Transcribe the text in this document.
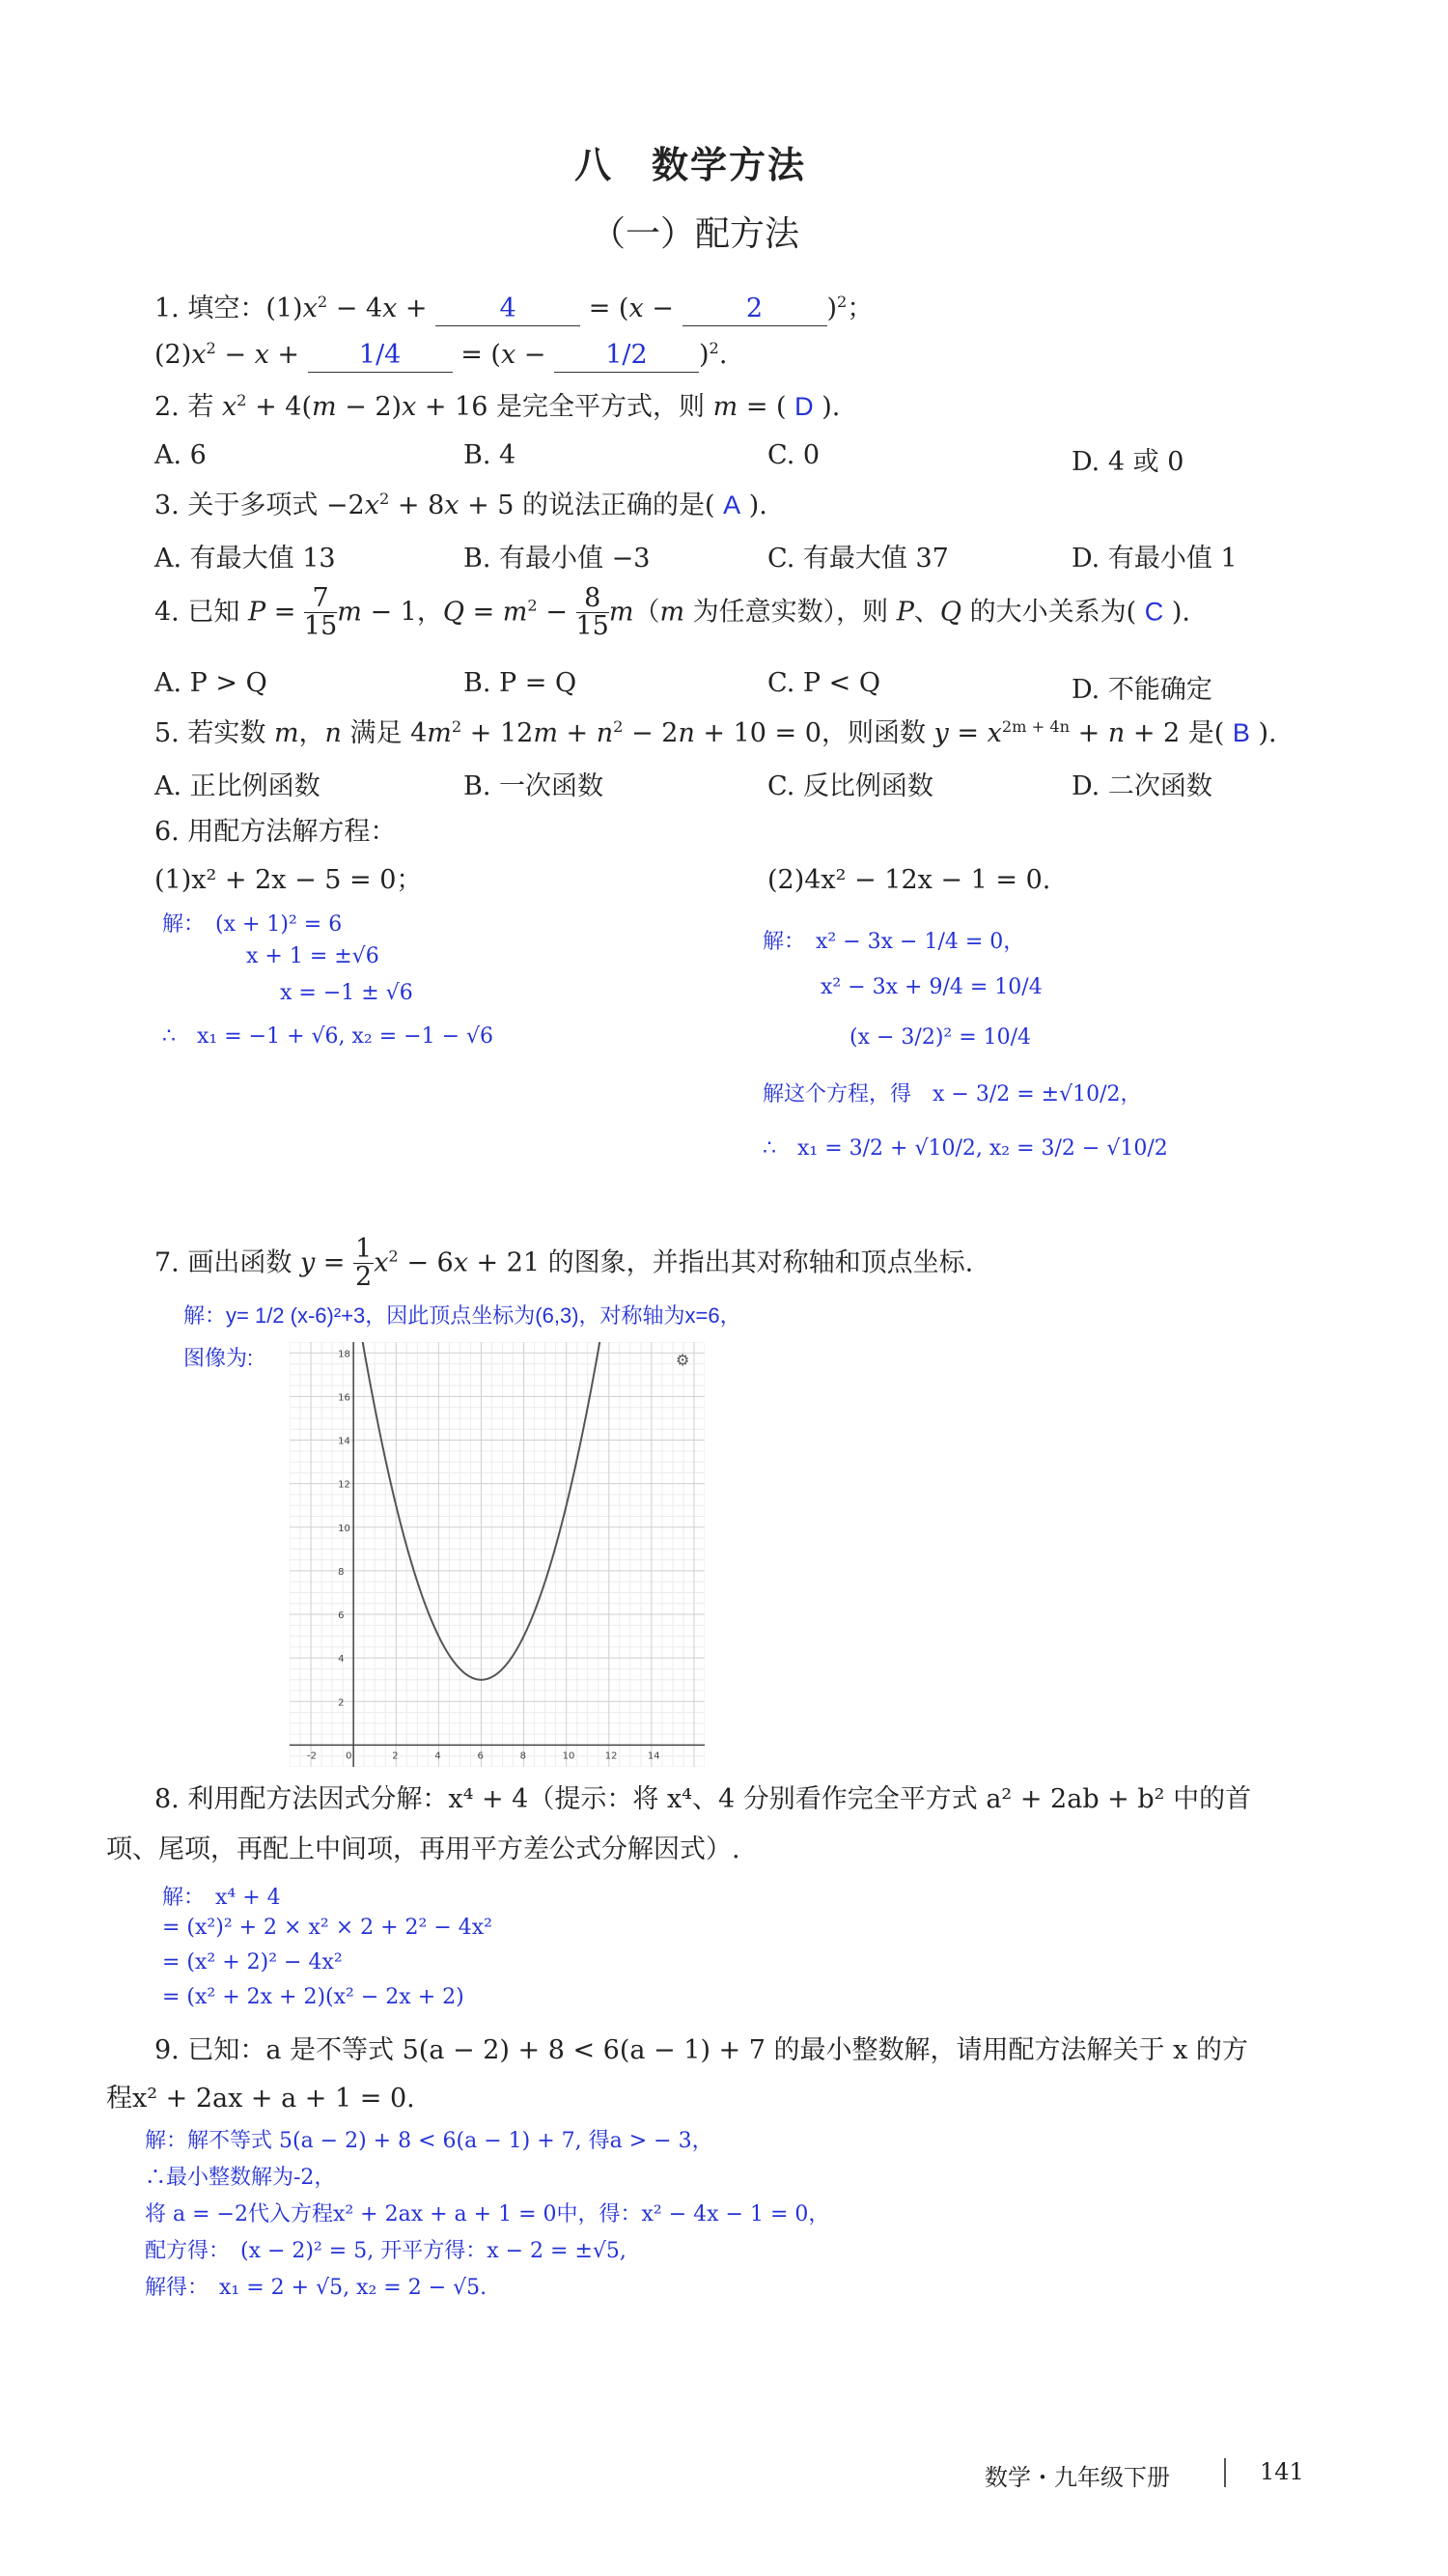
八　数学方法
（一）配方法
1. 填空：$(1)x^2 - 4x + 4 = (x - 2$ )$^2$；
$(2)x^2 - x + 1/4 = (x - 1/2$ )$^2$.
2. 若 $x^2 + 4(m - 2)x + 16$ 是完全平方式，则 m = ( D ).
A. 6	B. 4	C. 0	D. 4 或 0
3. 关于多项式 $-2x^2 + 8x + 5$ 的说法正确的是( A ).
A. 有最大值 13	B. 有最小值 −3	C. 有最大值 37	D. 有最小值 1
4. 已知 $P = \frac{7}{15}$ m − 1，$Q = m^2 - \frac{8}{15} m(m$ 为任意实数），则 P、Q 的大小关系为( C ).
A. P > Q	B. P = Q	C. P < Q	D. 不能确定
5. 若实数 m，n 满足 $4m^2 + 12m + n^2 - 2n + 10 = 0$，则函数 $y = x^{2m + 4n} + n + 2$ 是( B ).
A. 正比例函数	B. 一次函数	C. 反比例函数	D. 二次函数
6. 用配方法解方程：
(1)x² + 2x − 5 = 0；	(2)4x² − 12x − 1 = 0.
解：　(x + 1)² = 6
x + 1 = ±√6
x = −1 ± √6
∴　x₁ = −1 + √6, x₂ = −1 − √6
解：　x² − 3x − 1/4 = 0，
x² − 3x + 9/4 = 10/4
(x − 3/2)² = 10/4
解这个方程，得　x − 3/2 = ±√10/2，
∴　x₁ = 3/2 + √10/2, x₂ = 3/2 − √10/2
7. 画出函数 $y = \frac{1}{2} x^2 - 6x + 21$ 的图象，并指出其对称轴和顶点坐标.
解：y= 1/2 (x-6)²+3，因此顶点坐标为(6,3)，对称轴为x=6，
图像为:
-2	0	2	4	6	8	10	12	14
2
4
6
8
10
12
14
16
18	⚙
8. 利用配方法因式分解：x⁴ + 4（提示：将 x⁴、4 分别看作完全平方式 a² + 2ab + b² 中的首
项、尾项，再配上中间项，再用平方差公式分解因式）.
解：　x⁴ + 4
= (x²)² + 2 × x² × 2 + 2² − 4x²
= (x² + 2)² − 4x²
= (x² + 2x + 2)(x² − 2x + 2)
9. 已知：a 是不等式 5(a − 2) + 8 < 6(a − 1) + 7 的最小整数解，请用配方法解关于 x 的方
程x² + 2ax + a + 1 = 0.
解：解不等式 5(a − 2) + 8 < 6(a − 1) + 7, 得a > − 3，
∴最小整数解为-2，
将 a = −2代入方程x² + 2ax + a + 1 = 0中，得：x² − 4x − 1 = 0，
配方得：　(x − 2)² = 5, 开平方得：x − 2 = ±√5,
解得：　x₁ = 2 + √5, x₂ = 2 − √5.
数学・九年级下册	141
